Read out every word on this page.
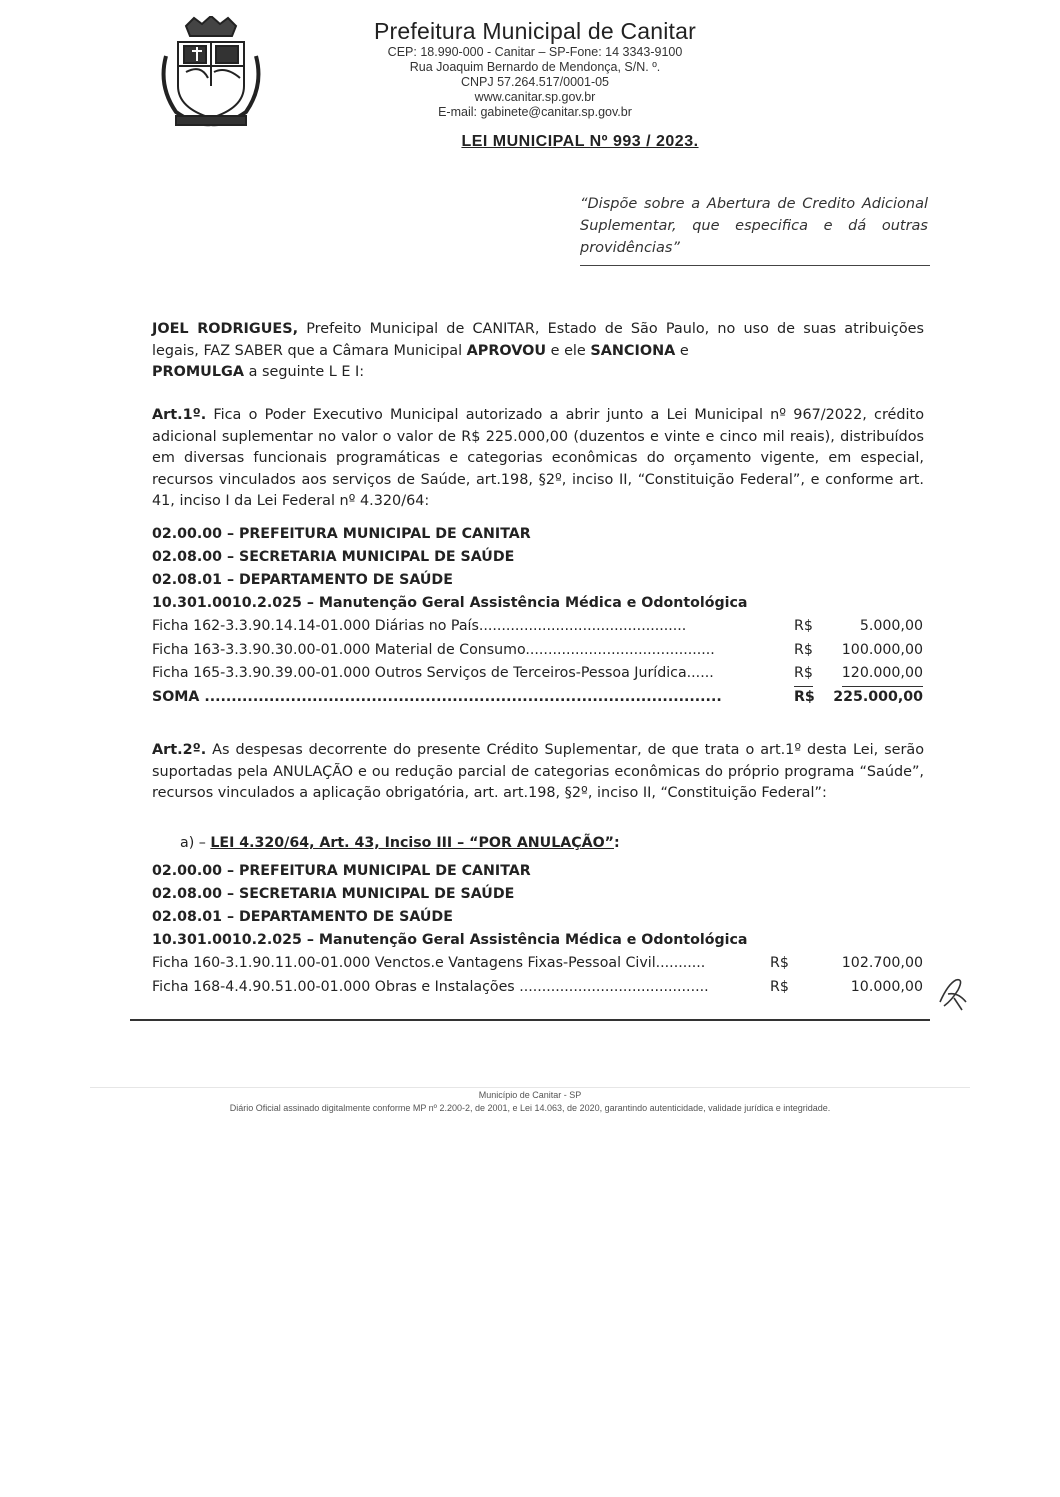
Prefeitura Municipal de Canitar
CEP: 18.990-000 - Canitar – SP-Fone: 14 3343-9100
Rua Joaquim Bernardo de Mendonça, S/N. º.
CNPJ 57.264.517/0001-05
www.canitar.sp.gov.br
E-mail: gabinete@canitar.sp.gov.br
LEI MUNICIPAL Nº 993 / 2023.
“Dispõe sobre a Abertura de Credito Adicional Suplementar, que especifica e dá outras providências”
JOEL RODRIGUES, Prefeito Municipal de CANITAR, Estado de São Paulo, no uso de suas atribuições legais, FAZ SABER que a Câmara Municipal APROVOU e ele SANCIONA e
PROMULGA a seguinte L E I:
Art.1º. Fica o Poder Executivo Municipal autorizado a abrir junto a Lei Municipal nº 967/2022, crédito adicional suplementar no valor o valor de R$ 225.000,00 (duzentos e vinte e cinco mil reais), distribuídos em diversas funcionais programáticas e categorias econômicas do orçamento vigente, em especial, recursos vinculados aos serviços de Saúde, art.198, §2º, inciso II, “Constituição Federal”, e conforme art. 41, inciso I da Lei Federal nº 4.320/64:
02.00.00 – PREFEITURA MUNICIPAL DE CANITAR
02.08.00 – SECRETARIA MUNICIPAL DE SAÚDE
02.08.01 – DEPARTAMENTO DE SAÚDE
10.301.0010.2.025 – Manutenção Geral Assistência Médica e Odontológica
Ficha 162-3.3.90.14.14-01.000 Diárias no País..............................................	R$	5.000,00
Ficha 163-3.3.90.30.00-01.000 Material de Consumo..........................................	R$ 100.000,00
Ficha 165-3.3.90.39.00-01.000 Outros Serviços de Terceiros-Pessoa Jurídica......	R$ 120.000,00
SOMA ................................................................................................	R$ 225.000,00
Art.2º. As despesas decorrente do presente Crédito Suplementar, de que trata o art.1º desta Lei, serão suportadas pela ANULAÇÃO e ou redução parcial de categorias econômicas do próprio programa “Saúde”, recursos vinculados a aplicação obrigatória, art. art.198, §2º, inciso II, “Constituição Federal”:
a) – LEI 4.320/64, Art. 43, Inciso III – “POR ANULAÇÃO”:
02.00.00 – PREFEITURA MUNICIPAL DE CANITAR
02.08.00 – SECRETARIA MUNICIPAL DE SAÚDE
02.08.01 – DEPARTAMENTO DE SAÚDE
10.301.0010.2.025 – Manutenção Geral Assistência Médica e Odontológica
Ficha 160-3.1.90.11.00-01.000 Venctos.e Vantagens Fixas-Pessoal Civil...........	R$	102.700,00
Ficha 168-4.4.90.51.00-01.000 Obras e Instalações ..........................................	R$	10.000,00
Município de Canitar - SP
Diário Oficial assinado digitalmente conforme MP nº 2.200-2, de 2001, e Lei 14.063, de 2020, garantindo autenticidade, validade jurídica e integridade.
